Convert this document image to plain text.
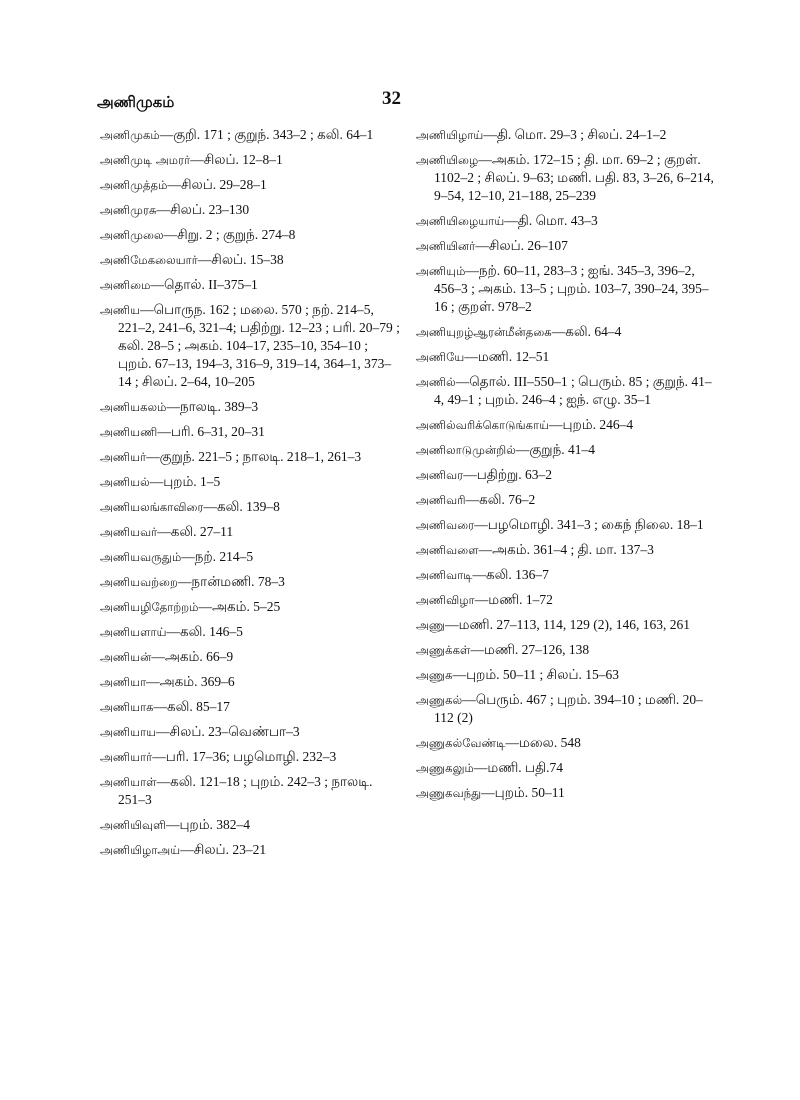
அணிமுகம்	32
அணிமுகம்—குறி. 171 ; குறுந். 343–2 ; கலி. 64–1
அணிமுடி அமரர்—சிலப். 12–8–1
அணிமுத்தம்—சிலப். 29–28–1
அணிமுரசு—சிலப். 23–130
அணிமுலை—சிறு. 2 ; குறுந். 274–8
அணிமேகலையார்—சிலப். 15–38
அணிமை—தொல். II–375–1
அணிய—பொருந. 162 ; மலை. 570 ; நற். 214–5, 221–2, 241–6, 321–4; பதிற்று. 12–23 ; பரி. 20–79 ; கலி. 28–5 ; அகம். 104–17, 235–10, 354–10 ; புறம். 67–13, 194–3, 316–9, 319–14, 364–1, 373–14 ; சிலப். 2–64, 10–205
அணியகலம்—நாலடி. 389–3
அணியணி—பரி. 6–31, 20–31
அணியர்—குறுந். 221–5 ; நாலடி. 218–1, 261–3
அணியல்—புறம். 1–5
அணியலங்காவிரை—கலி. 139–8
அணியவர்—கலி. 27–11
அணியவருதும்—நற். 214–5
அணியவற்றை—நான்மணி. 78–3
அணியழிதோற்றம்—அகம். 5–25
அணியளாய்—கலி. 146–5
அணியன்—அகம். 66–9
அணியா—அகம். 369–6
அணியாக—கலி. 85–17
அணியாய—சிலப். 23–வெண்பா–3
அணியார்—பரி. 17–36; பழமொழி. 232–3
அணியாள்—கலி. 121–18 ; புறம். 242–3 ; நாலடி. 251–3
அணியிவுளி—புறம். 382–4
அணியிழாஅய்—சிலப். 23–21
அணியிழாய்—தி. மொ. 29–3 ; சிலப். 24–1–2
அணியிழை—அகம். 172–15 ; தி. மா. 69–2 ; குறள். 1102–2 ; சிலப். 9–63; மணி. பதி. 83, 3–26, 6–214, 9–54, 12–10, 21–188, 25–239
அணியிழையாய்—தி. மொ. 43–3
அணியினர்—சிலப். 26–107
அணியும்—நற். 60–11, 283–3 ; ஐங். 345–3, 396–2, 456–3 ; அகம். 13–5 ; புறம். 103–7, 390–24, 395–16 ; குறள். 978–2
அணியுறழ்ஆரன்மீன்தகை—கலி. 64–4
அணியே—மணி. 12–51
அணில்—தொல். III–550–1 ; பெரும். 85 ; குறுந். 41–4, 49–1 ; புறம். 246–4 ; ஐந். எழு. 35–1
அணில்வரிக்கொடுங்காய்—புறம். 246–4
அணிலாடுமுன்றில்—குறுந். 41–4
அணிவர—பதிற்று. 63–2
அணிவரி—கலி. 76–2
அணிவரை—பழமொழி. 341–3 ; கைந் நிலை. 18–1
அணிவளை—அகம். 361–4 ; தி. மா. 137–3
அணிவாடி—கலி. 136–7
அணிவிழா—மணி. 1–72
அணு—மணி. 27–113, 114, 129 (2), 146, 163, 261
அணுக்கள்—மணி. 27–126, 138
அணுக—புறம். 50–11 ; சிலப். 15–63
அணுகல்—பெரும். 467 ; புறம். 394–10 ; மணி. 20–112 (2)
அணுகல்வேண்டி—மலை. 548
அணுகலும்—மணி. பதி.74
அணுகவந்து—புறம். 50–11
